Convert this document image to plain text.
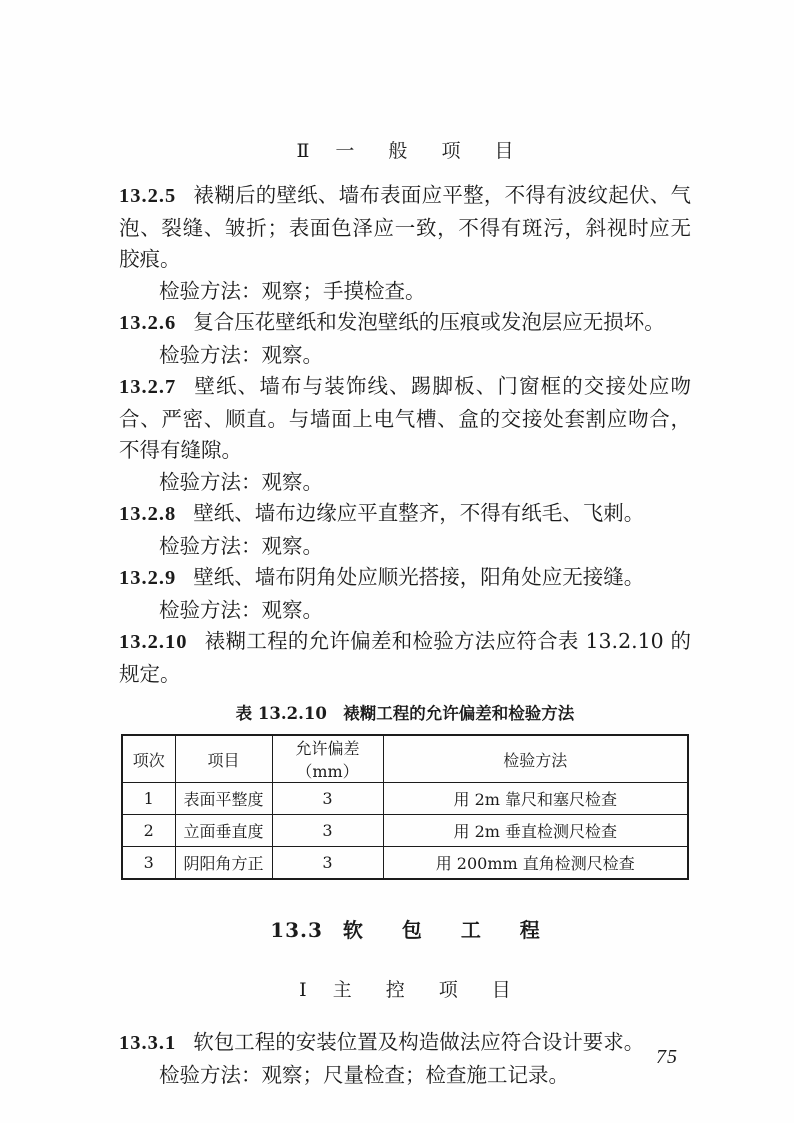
Ⅱ 一 般 项 目

13.2.5 裱糊后的壁纸、墙布表面应平整，不得有波纹起伏、气泡、裂缝、皱折；表面色泽应一致，不得有斑污，斜视时应无胶痕。

检验方法：观察；手摸检查。

13.2.6 复合压花壁纸和发泡壁纸的压痕或发泡层应无损坏。

检验方法：观察。

13.2.7 壁纸、墙布与装饰线、踢脚板、门窗框的交接处应吻合、严密、顺直。与墙面上电气槽、盒的交接处套割应吻合，不得有缝隙。

检验方法：观察。

13.2.8 壁纸、墙布边缘应平直整齐，不得有纸毛、飞刺。

检验方法：观察。

13.2.9 壁纸、墙布阴角处应顺光搭接，阳角处应无接缝。

检验方法：观察。

13.2.10 裱糊工程的允许偏差和检验方法应符合表 13.2.10 的规定。

表 13.2.10　裱糊工程的允许偏差和检验方法

项次	项目	允许偏差（mm）	检验方法
1	表面平整度	3	用 2m 靠尺和塞尺检查
2	立面垂直度	3	用 2m 垂直检测尺检查
3	阴阳角方正	3	用 200mm 直角检测尺检查

13.3 软 包 工 程

Ⅰ 主 控 项 目

13.3.1 软包工程的安装位置及构造做法应符合设计要求。

检验方法：观察；尺量检查；检查施工记录。

75
